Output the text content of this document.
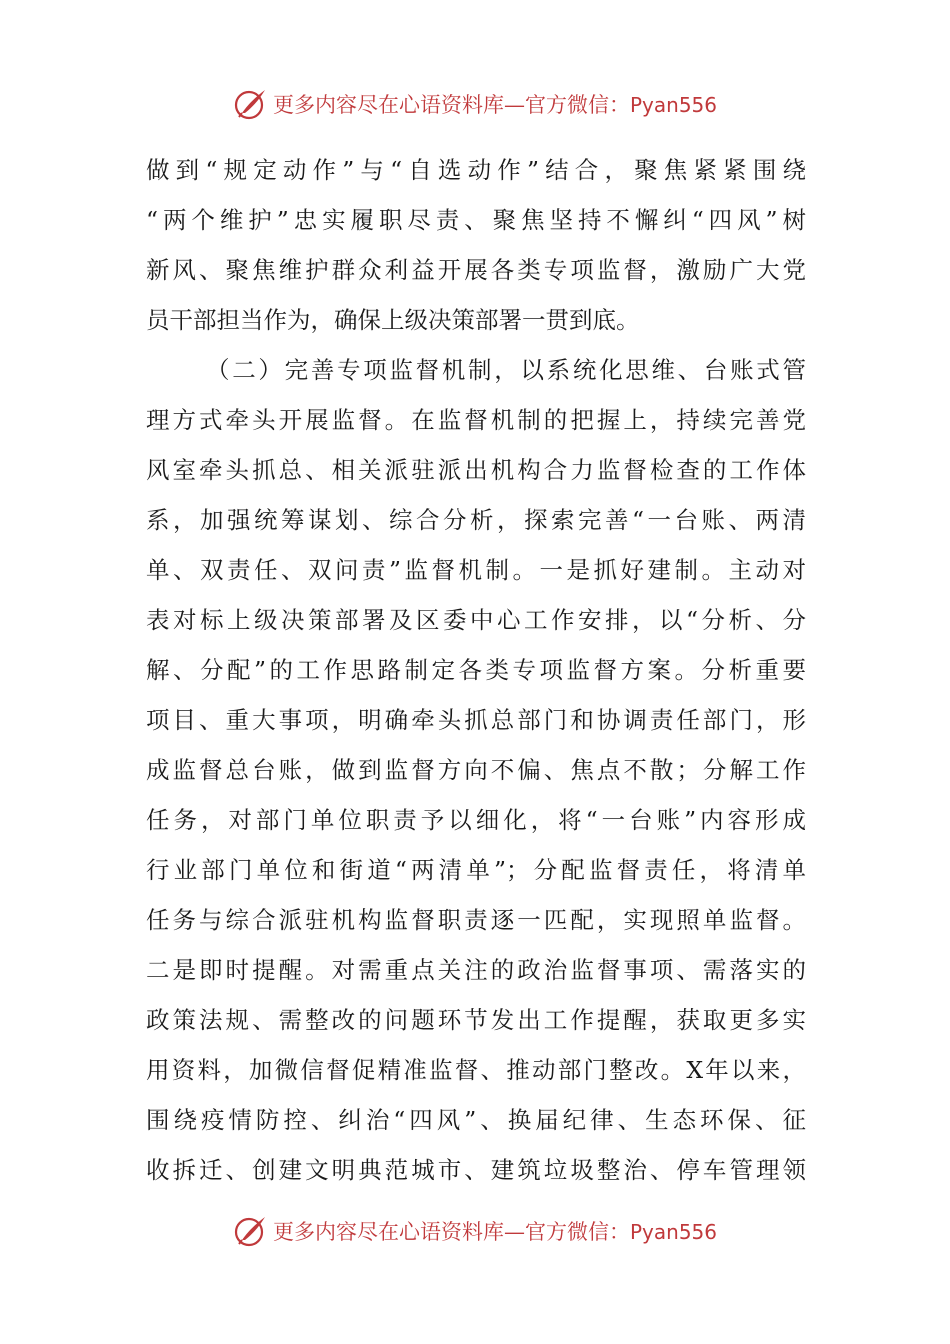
更多内容尽在心语资料库—官方微信：Pyan556
做到“规定动作”与“自选动作”结合，聚焦紧紧围绕
“两个维护”忠实履职尽责、聚焦坚持不懈纠“四风”树
新风、聚焦维护群众利益开展各类专项监督，激励广大党
员干部担当作为，确保上级决策部署一贯到底。
（二）完善专项监督机制，以系统化思维、台账式管
理方式牵头开展监督。在监督机制的把握上，持续完善党
风室牵头抓总、相关派驻派出机构合力监督检查的工作体
系，加强统筹谋划、综合分析，探索完善“一台账、两清
单、双责任、双问责”监督机制。一是抓好建制。主动对
表对标上级决策部署及区委中心工作安排，以“分析、分
解、分配”的工作思路制定各类专项监督方案。分析重要
项目、重大事项，明确牵头抓总部门和协调责任部门，形
成监督总台账，做到监督方向不偏、焦点不散；分解工作
任务，对部门单位职责予以细化，将“一台账”内容形成
行业部门单位和街道“两清单”；分配监督责任，将清单
任务与综合派驻机构监督职责逐一匹配，实现照单监督。
二是即时提醒。对需重点关注的政治监督事项、需落实的
政策法规、需整改的问题环节发出工作提醒，获取更多实
用资料，加微信督促精准监督、推动部门整改。X年以来，
围绕疫情防控、纠治“四风”、换届纪律、生态环保、征
收拆迁、创建文明典范城市、建筑垃圾整治、停车管理领
更多内容尽在心语资料库—官方微信：Pyan556
